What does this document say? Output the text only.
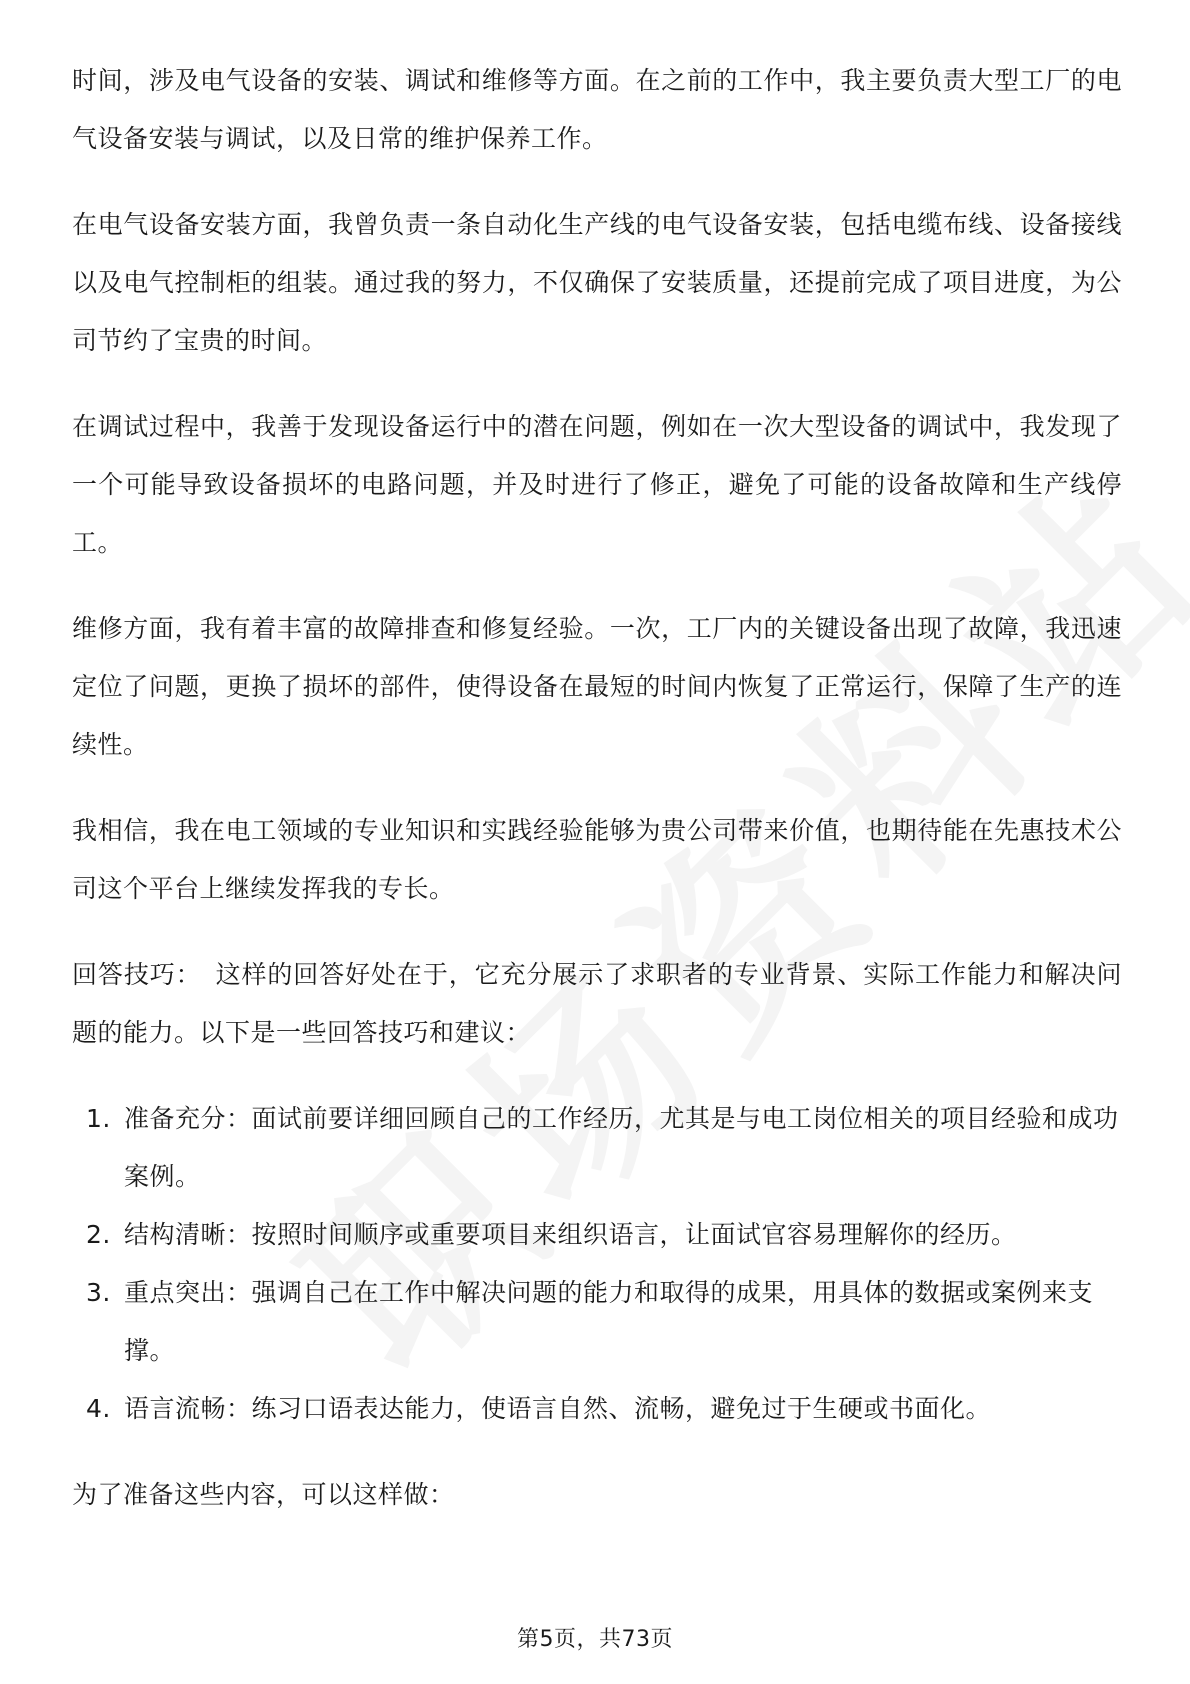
时间，涉及电气设备的安装、调试和维修等方面。在之前的工作中，我主要负责大型工厂的电气设备安装与调试，以及日常的维护保养工作。

在电气设备安装方面，我曾负责一条自动化生产线的电气设备安装，包括电缆布线、设备接线以及电气控制柜的组装。通过我的努力，不仅确保了安装质量，还提前完成了项目进度，为公司节约了宝贵的时间。

在调试过程中，我善于发现设备运行中的潜在问题，例如在一次大型设备的调试中，我发现了一个可能导致设备损坏的电路问题，并及时进行了修正，避免了可能的设备故障和生产线停工。

维修方面，我有着丰富的故障排查和修复经验。一次，工厂内的关键设备出现了故障，我迅速定位了问题，更换了损坏的部件，使得设备在最短的时间内恢复了正常运行，保障了生产的连续性。

我相信，我在电工领域的专业知识和实践经验能够为贵公司带来价值，也期待能在先惠技术公司这个平台上继续发挥我的专长。

回答技巧： 这样的回答好处在于，它充分展示了求职者的专业背景、实际工作能力和解决问题的能力。以下是一些回答技巧和建议：

1. 准备充分：面试前要详细回顾自己的工作经历，尤其是与电工岗位相关的项目经验和成功案例。
2. 结构清晰：按照时间顺序或重要项目来组织语言，让面试官容易理解你的经历。
3. 重点突出：强调自己在工作中解决问题的能力和取得的成果，用具体的数据或案例来支撑。
4. 语言流畅：练习口语表达能力，使语言自然、流畅，避免过于生硬或书面化。

为了准备这些内容，可以这样做：

第5页，共73页
